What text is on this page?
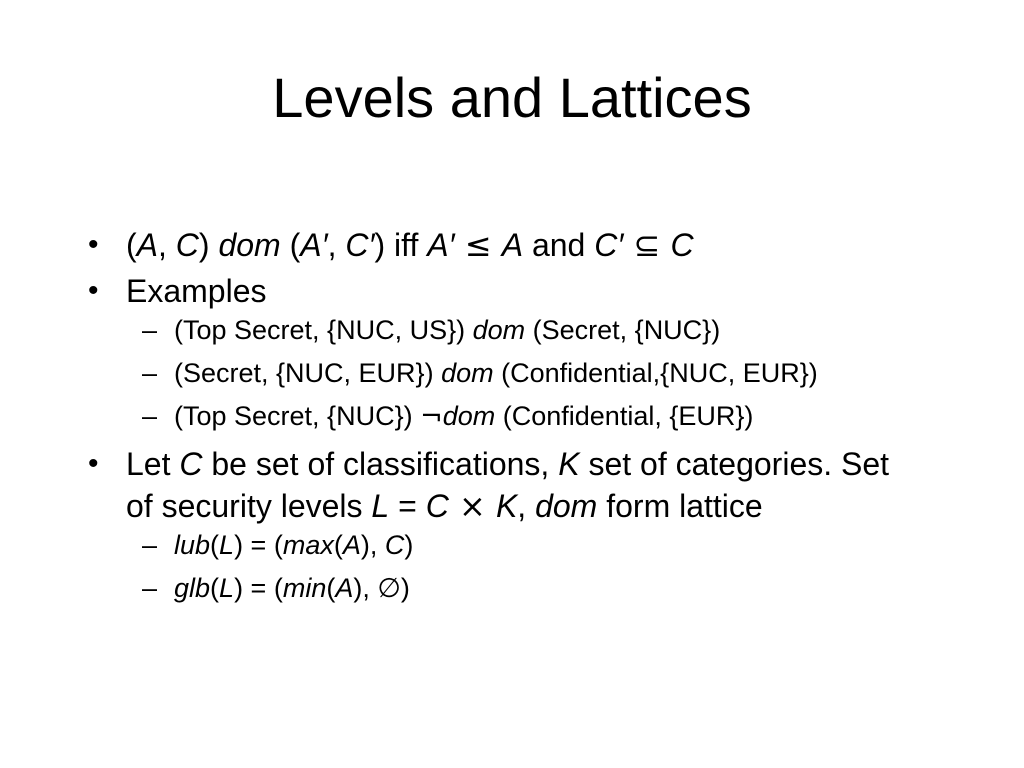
Levels and Lattices
• (A, C) dom (A′, C′) iff A′ ≤ A and C′ ⊆ C
• Examples
– (Top Secret, {NUC, US}) dom (Secret, {NUC})
– (Secret, {NUC, EUR}) dom (Confidential,{NUC, EUR})
– (Top Secret, {NUC}) ¬dom (Confidential, {EUR})
• Let C be set of classifications, K set of categories. Set of security levels L = C × K, dom form lattice
– lub(L) = (max(A), C)
– glb(L) = (min(A), ∅)
